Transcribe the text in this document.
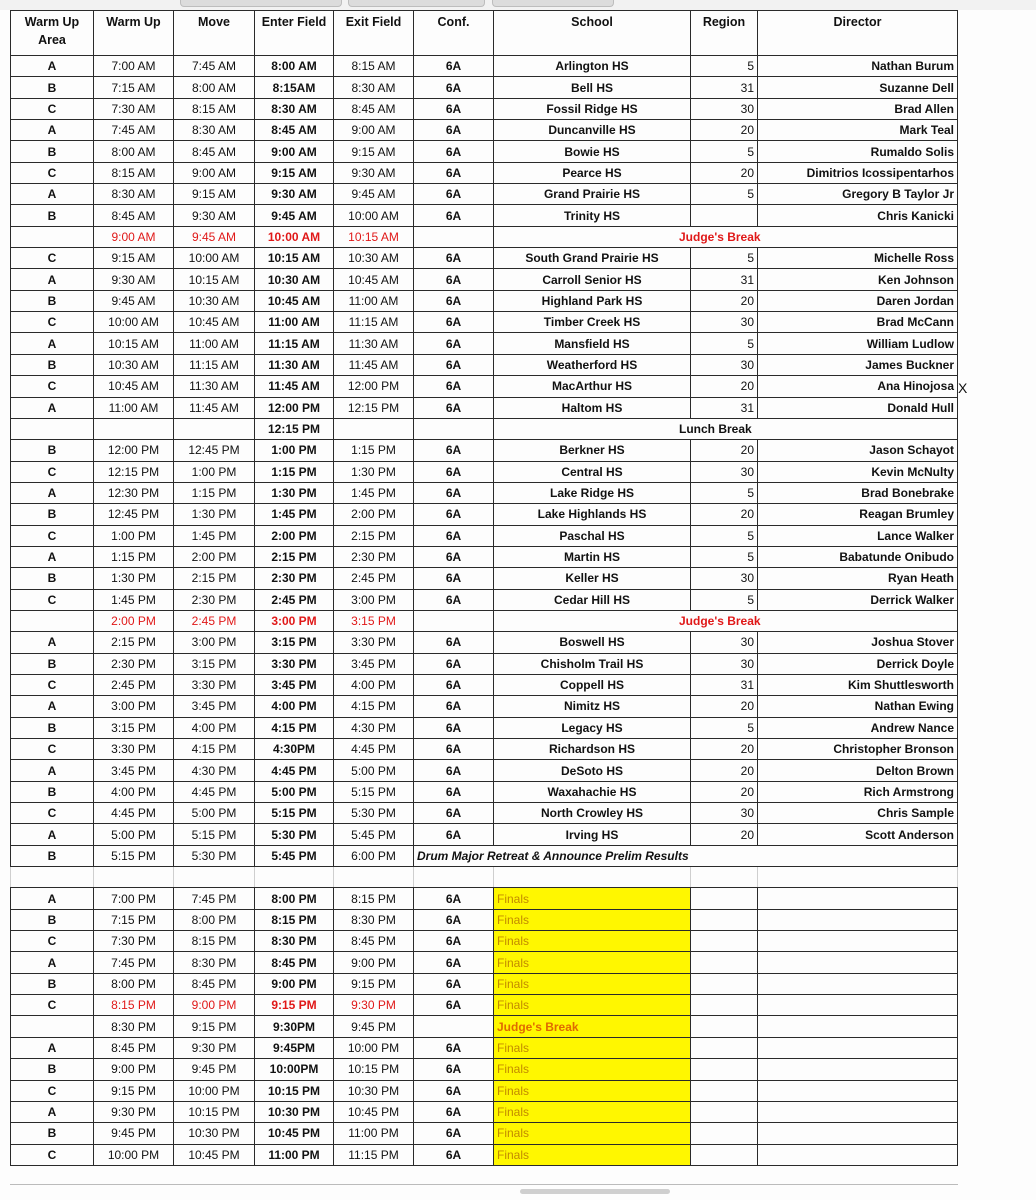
Warm Up Area	Warm Up	Move	Enter Field	Exit Field	Conf.	School	Region	Director
A	7:00 AM	7:45 AM	8:00 AM	8:15 AM	6A	Arlington HS	5	Nathan Burum
B	7:15 AM	8:00 AM	8:15AM	8:30 AM	6A	Bell HS	31	Suzanne Dell
C	7:30 AM	8:15 AM	8:30 AM	8:45 AM	6A	Fossil Ridge HS	30	Brad Allen
A	7:45 AM	8:30 AM	8:45 AM	9:00 AM	6A	Duncanville HS	20	Mark Teal
B	8:00 AM	8:45 AM	9:00 AM	9:15 AM	6A	Bowie HS	5	Rumaldo Solis
C	8:15 AM	9:00 AM	9:15 AM	9:30 AM	6A	Pearce HS	20	Dimitrios Icossipentarhos
A	8:30 AM	9:15 AM	9:30 AM	9:45 AM	6A	Grand Prairie HS	5	Gregory B Taylor Jr
B	8:45 AM	9:30 AM	9:45 AM	10:00 AM	6A	Trinity HS		Chris Kanicki
	9:00 AM	9:45 AM	10:00 AM	10:15 AM		Judge's Break		
C	9:15 AM	10:00 AM	10:15 AM	10:30 AM	6A	South Grand Prairie HS	5	Michelle Ross
A	9:30 AM	10:15 AM	10:30 AM	10:45 AM	6A	Carroll Senior HS	31	Ken Johnson
B	9:45 AM	10:30 AM	10:45 AM	11:00 AM	6A	Highland Park HS	20	Daren Jordan
C	10:00 AM	10:45 AM	11:00 AM	11:15 AM	6A	Timber Creek HS	30	Brad McCann
A	10:15 AM	11:00 AM	11:15 AM	11:30 AM	6A	Mansfield HS	5	William Ludlow
B	10:30 AM	11:15 AM	11:30 AM	11:45 AM	6A	Weatherford HS	30	James Buckner
C	10:45 AM	11:30 AM	11:45 AM	12:00 PM	6A	MacArthur HS	20	Ana Hinojosa
A	11:00 AM	11:45 AM	12:00 PM	12:15 PM	6A	Haltom HS	31	Donald Hull
			12:15 PM			Lunch Break		
B	12:00 PM	12:45 PM	1:00 PM	1:15 PM	6A	Berkner HS	20	Jason Schayot
C	12:15 PM	1:00 PM	1:15 PM	1:30 PM	6A	Central HS	30	Kevin McNulty
A	12:30 PM	1:15 PM	1:30 PM	1:45 PM	6A	Lake Ridge HS	5	Brad Bonebrake
B	12:45 PM	1:30 PM	1:45 PM	2:00 PM	6A	Lake Highlands HS	20	Reagan Brumley
C	1:00 PM	1:45 PM	2:00 PM	2:15 PM	6A	Paschal HS	5	Lance Walker
A	1:15 PM	2:00 PM	2:15 PM	2:30 PM	6A	Martin HS	5	Babatunde Onibudo
B	1:30 PM	2:15 PM	2:30 PM	2:45 PM	6A	Keller HS	30	Ryan Heath
C	1:45 PM	2:30 PM	2:45 PM	3:00 PM	6A	Cedar Hill HS	5	Derrick Walker
	2:00 PM	2:45 PM	3:00 PM	3:15 PM		Judge's Break		
A	2:15 PM	3:00 PM	3:15 PM	3:30 PM	6A	Boswell HS	30	Joshua Stover
B	2:30 PM	3:15 PM	3:30 PM	3:45 PM	6A	Chisholm Trail HS	30	Derrick Doyle
C	2:45 PM	3:30 PM	3:45 PM	4:00 PM	6A	Coppell HS	31	Kim Shuttlesworth
A	3:00 PM	3:45 PM	4:00 PM	4:15 PM	6A	Nimitz HS	20	Nathan Ewing
B	3:15 PM	4:00 PM	4:15 PM	4:30 PM	6A	Legacy HS	5	Andrew Nance
C	3:30 PM	4:15 PM	4:30PM	4:45 PM	6A	Richardson HS	20	Christopher Bronson
A	3:45 PM	4:30 PM	4:45 PM	5:00 PM	6A	DeSoto HS	20	Delton Brown
B	4:00 PM	4:45 PM	5:00 PM	5:15 PM	6A	Waxahachie HS	20	Rich Armstrong
C	4:45 PM	5:00 PM	5:15 PM	5:30 PM	6A	North Crowley HS	30	Chris Sample
A	5:00 PM	5:15 PM	5:30 PM	5:45 PM	6A	Irving HS	20	Scott Anderson
B	5:15 PM	5:30 PM	5:45 PM	6:00 PM	Drum Major Retreat & Announce Prelim Results			

A	7:00 PM	7:45 PM	8:00 PM	8:15 PM	6A	Finals		
B	7:15 PM	8:00 PM	8:15 PM	8:30 PM	6A	Finals		
C	7:30 PM	8:15 PM	8:30 PM	8:45 PM	6A	Finals		
A	7:45 PM	8:30 PM	8:45 PM	9:00 PM	6A	Finals		
B	8:00 PM	8:45 PM	9:00 PM	9:15 PM	6A	Finals		
C	8:15 PM	9:00 PM	9:15 PM	9:30 PM	6A	Finals		
	8:30 PM	9:15 PM	9:30PM	9:45 PM		Judge's Break		
A	8:45 PM	9:30 PM	9:45PM	10:00 PM	6A	Finals		
B	9:00 PM	9:45 PM	10:00PM	10:15 PM	6A	Finals		
C	9:15 PM	10:00 PM	10:15 PM	10:30 PM	6A	Finals		
A	9:30 PM	10:15 PM	10:30 PM	10:45 PM	6A	Finals		
B	9:45 PM	10:30 PM	10:45 PM	11:00 PM	6A	Finals		
C	10:00 PM	10:45 PM	11:00 PM	11:15 PM	6A	Finals		
X
